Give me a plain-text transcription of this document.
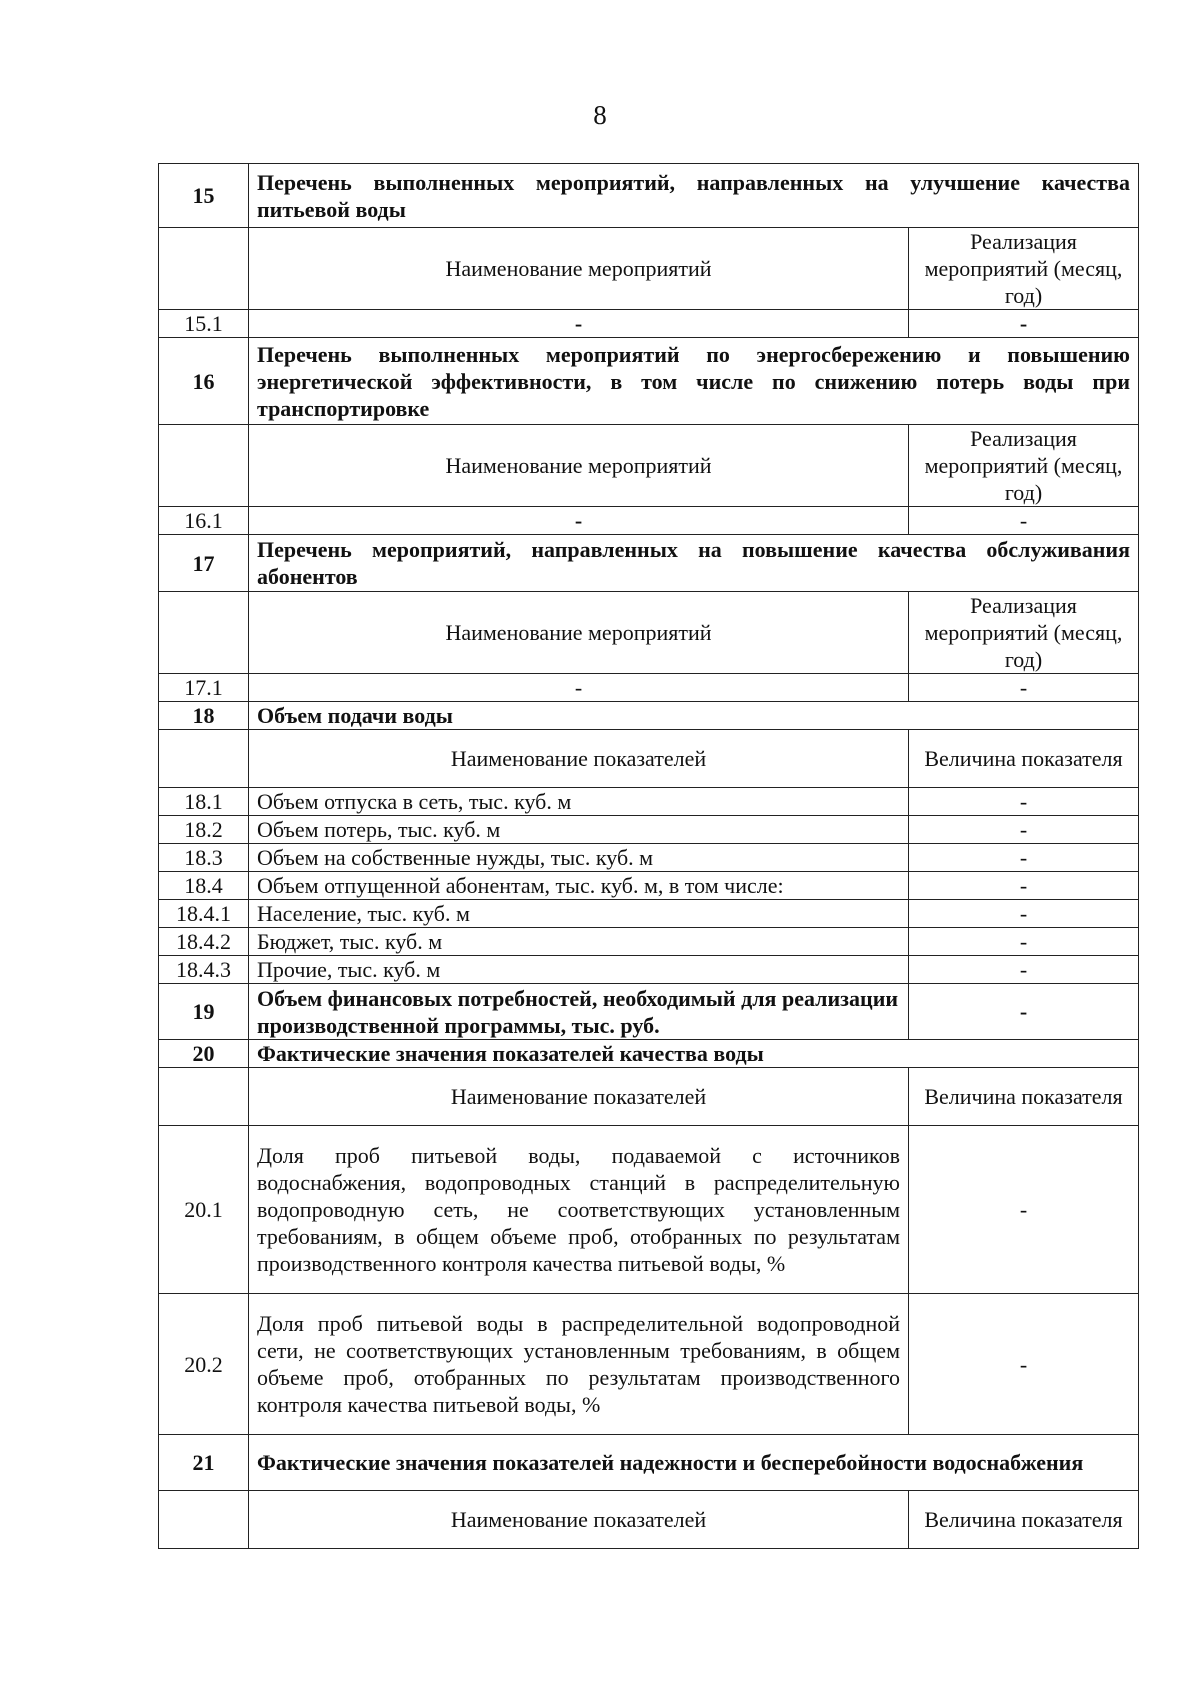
8
15	Перечень выполненных мероприятий, направленных на улучшение качества питьевой воды	
	Наименование мероприятий	Реализация мероприятий (месяц, год)
15.1	-	-
16	Перечень выполненных мероприятий по энергосбережению и повышению энергетической эффективности, в том числе по снижению потерь воды при транспортировке	
	Наименование мероприятий	Реализация мероприятий (месяц, год)
16.1	-	-
17	Перечень мероприятий, направленных на повышение качества обслуживания абонентов	
	Наименование мероприятий	Реализация мероприятий (месяц, год)
17.1	-	-
18	Объем подачи воды	
	Наименование показателей	Величина показателя
18.1	Объем отпуска в сеть, тыс. куб. м	-
18.2	Объем потерь, тыс. куб. м	-
18.3	Объем на собственные нужды, тыс. куб. м	-
18.4	Объем отпущенной абонентам, тыс. куб. м, в том числе:	-
18.4.1	Население, тыс. куб. м	-
18.4.2	Бюджет, тыс. куб. м	-
18.4.3	Прочие, тыс. куб. м	-
19	Объем финансовых потребностей, необходимый для реализации производственной программы, тыс. руб.	-
20	Фактические значения показателей качества воды	
	Наименование показателей	Величина показателя
20.1	Доля проб питьевой воды, подаваемой с источников водоснабжения, водопроводных станций в распределительную водопроводную сеть, не соответствующих установленным требованиям, в общем объеме проб, отобранных по результатам производственного контроля качества питьевой воды, %	-
20.2	Доля проб питьевой воды в распределительной водопроводной сети, не соответствующих установленным требованиям, в общем объеме проб, отобранных по результатам производственного контроля качества питьевой воды, %	-
21	Фактические значения показателей надежности и бесперебойности водоснабжения	
	Наименование показателей	Величина показателя
